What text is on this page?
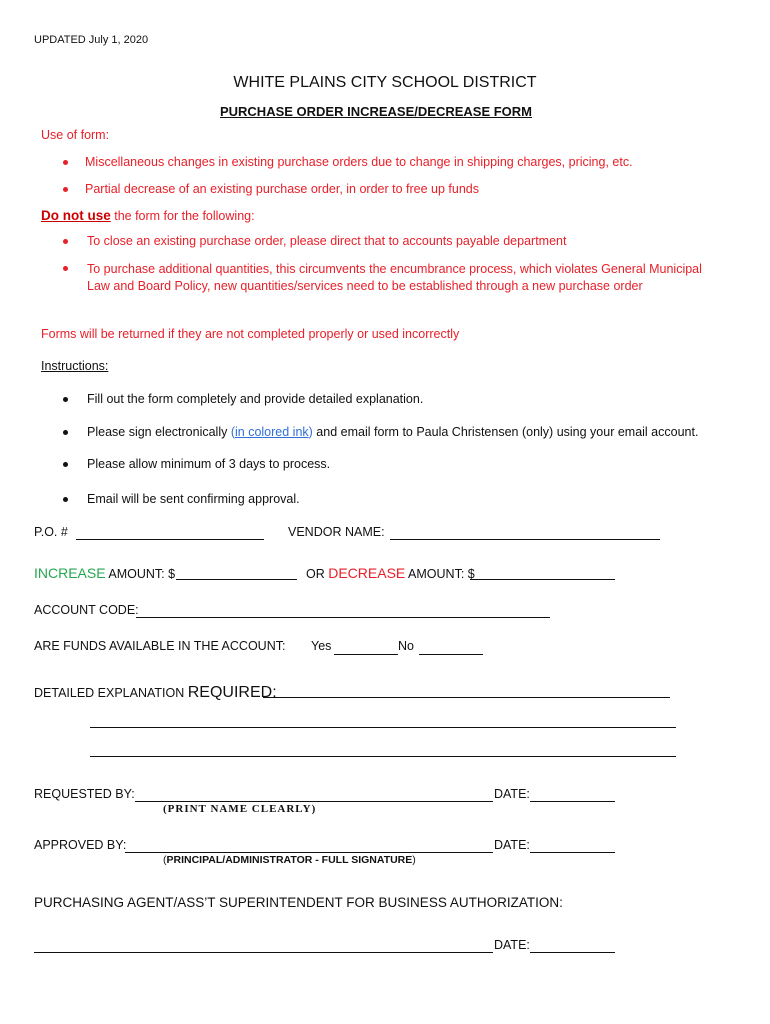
UPDATED July 1, 2020
WHITE PLAINS CITY SCHOOL DISTRICT
PURCHASE ORDER INCREASE/DECREASE FORM
Use of form:
Miscellaneous changes in existing purchase orders due to change in shipping charges, pricing, etc.
Partial decrease of an existing purchase order, in order to free up funds
Do not use the form for the following:
To close an existing purchase order, please direct that to accounts payable department
To purchase additional quantities, this circumvents the encumbrance process, which violates General Municipal Law and Board Policy, new quantities/services need to be established through a new purchase order
Forms will be returned if they are not completed properly or used incorrectly
Instructions:
Fill out the form completely and provide detailed explanation.
Please sign electronically (in colored ink) and email form to Paula Christensen (only) using your email account.
Please allow minimum of 3 days to process.
Email will be sent confirming approval.
P.O. #	VENDOR NAME:
INCREASE AMOUNT: $	OR DECREASE AMOUNT: $
ACCOUNT CODE:
ARE FUNDS AVAILABLE IN THE ACCOUNT: Yes	No
DETAILED EXPLANATION REQUIRED:
REQUESTED BY:	DATE:
(PRINT NAME CLEARLY)
APPROVED BY:	DATE:
(PRINCIPAL/ADMINISTRATOR - FULL SIGNATURE)
PURCHASING AGENT/ASS’T SUPERINTENDENT FOR BUSINESS AUTHORIZATION:
DATE:
